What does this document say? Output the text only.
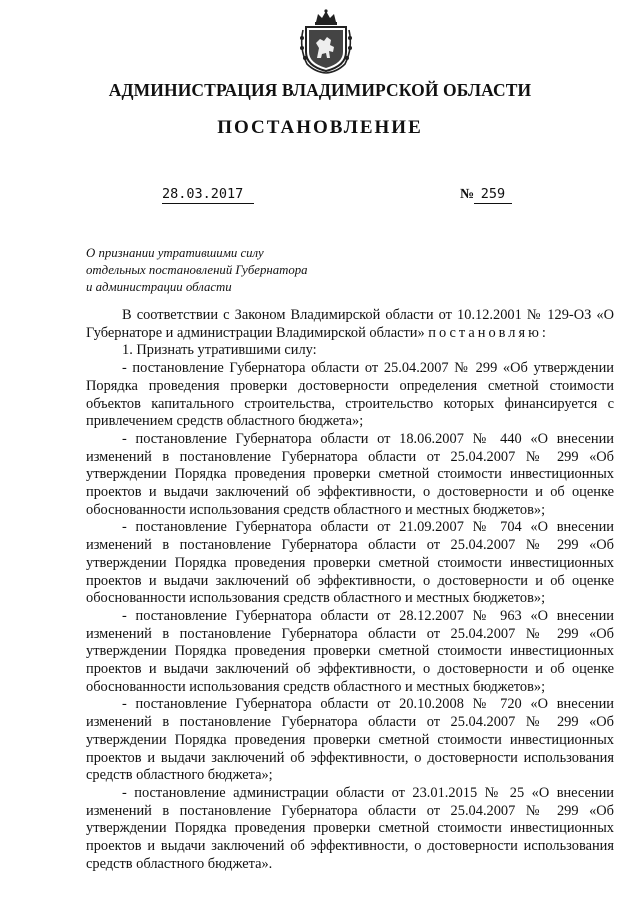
АДМИНИСТРАЦИЯ ВЛАДИМИРСКОЙ ОБЛАСТИ
ПОСТАНОВЛЕНИЕ
28.03.2017	№ 259
О признании утратившими силу
отдельных постановлений Губернатора
и администрации области

В соответствии с Законом Владимирской области от 10.12.2001 № 129-ОЗ «О Губернаторе и администрации Владимирской области» постановляю:

1. Признать утратившими силу:

- постановление Губернатора области от 25.04.2007 № 299 «Об утверждении Порядка проведения проверки достоверности определения сметной стоимости объектов капитального строительства, строительство которых финансируется с привлечением средств областного бюджета»;

- постановление Губернатора области от 18.06.2007 № 440 «О внесении изменений в постановление Губернатора области от 25.04.2007 № 299 «Об утверждении Порядка проведения проверки сметной стоимости инвестиционных проектов и выдачи заключений об эффективности, о достоверности и об оценке обоснованности использования средств областного и местных бюджетов»;

- постановление Губернатора области от 21.09.2007 № 704 «О внесении изменений в постановление Губернатора области от 25.04.2007 № 299 «Об утверждении Порядка проведения проверки сметной стоимости инвестиционных проектов и выдачи заключений об эффективности, о достоверности и об оценке обоснованности использования средств областного и местных бюджетов»;

- постановление Губернатора области от 28.12.2007 № 963 «О внесении изменений в постановление Губернатора области от 25.04.2007 № 299 «Об утверждении Порядка проведения проверки сметной стоимости инвестиционных проектов и выдачи заключений об эффективности, о достоверности и об оценке обоснованности использования средств областного и местных бюджетов»;

- постановление Губернатора области от 20.10.2008 № 720 «О внесении изменений в постановление Губернатора области от 25.04.2007 № 299 «Об утверждении Порядка проведения проверки сметной стоимости инвестиционных проектов и выдачи заключений об эффективности, о достоверности использования средств областного бюджета»;

- постановление администрации области от 23.01.2015 № 25 «О внесении изменений в постановление Губернатора области от 25.04.2007 № 299 «Об утверждении Порядка проведения проверки сметной стоимости инвестиционных проектов и выдачи заключений об эффективности, о достоверности использования средств областного бюджета».
